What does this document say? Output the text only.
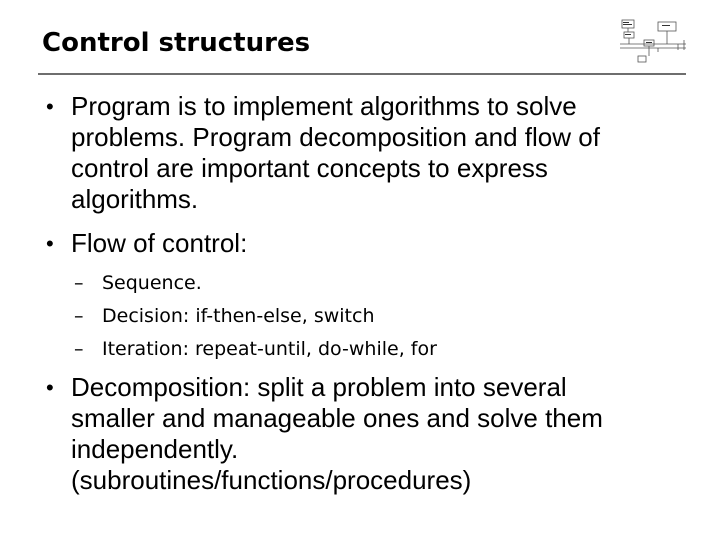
Control structures
• Program is to implement algorithms to solve
problems. Program decomposition and flow of
control are important concepts to express
algorithms.
• Flow of control:
– Sequence.
– Decision: if-then-else, switch
– Iteration: repeat-until, do-while, for
• Decomposition: split a problem into several
smaller and manageable ones and solve them
independently.
(subroutines/functions/procedures)
